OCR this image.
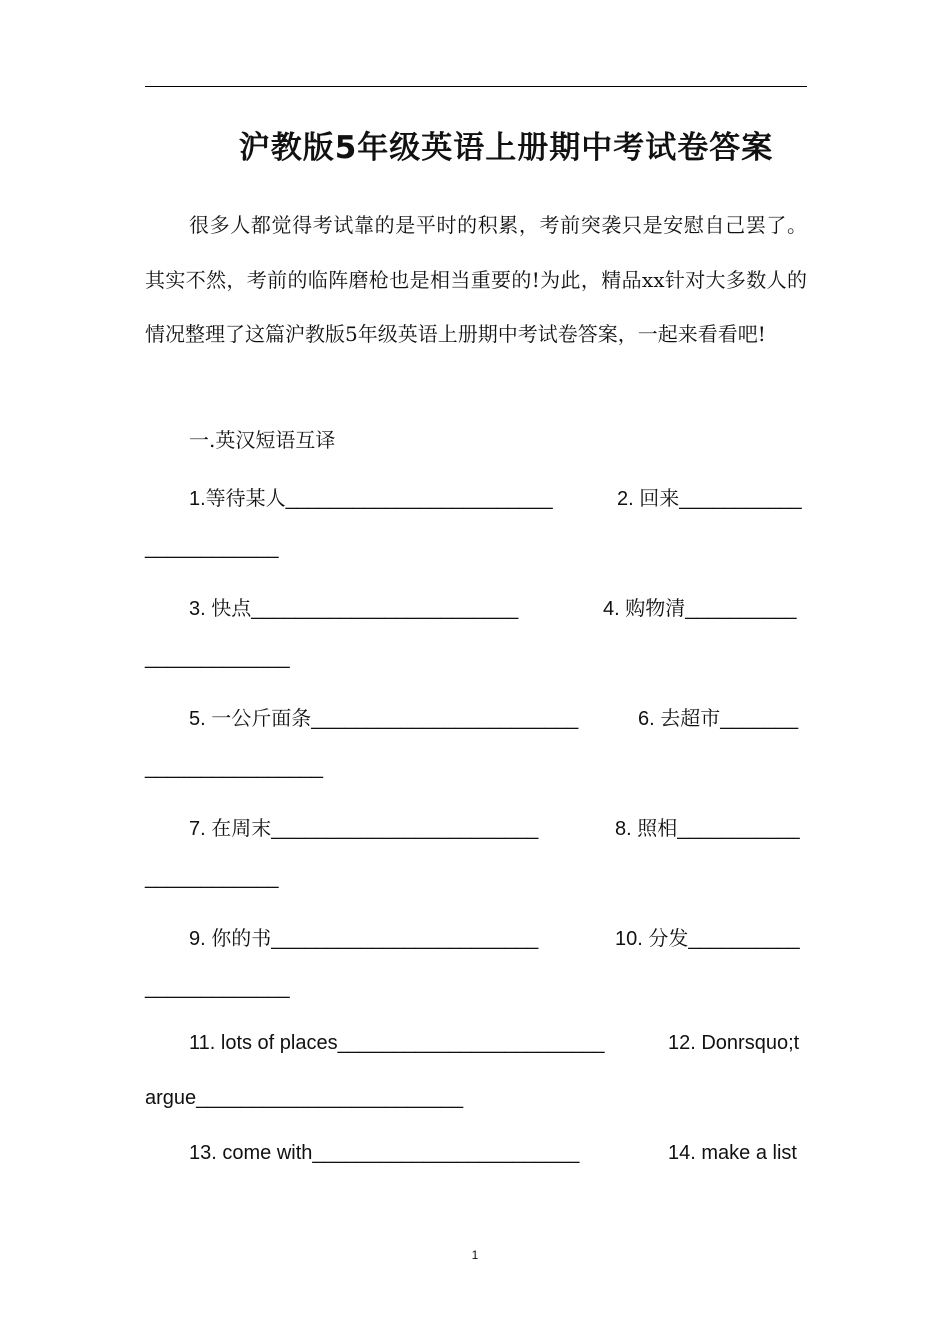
沪教版5年级英语上册期中考试卷答案

很多人都觉得考试靠的是平时的积累，考前突袭只是安慰自己罢了。其实不然，考前的临阵磨枪也是相当重要的!为此，精品xx针对大多数人的情况整理了这篇沪教版5年级英语上册期中考试卷答案，一起来看看吧!

一.英汉短语互译
1.等待某人________________________	2. 回来___________
____________
3. 快点________________________	4. 购物清__________
_____________
5. 一公斤面条________________________	6. 去超市_______
________________
7. 在周末________________________	8. 照相___________
____________
9. 你的书________________________	10. 分发__________
_____________
11. lots of places________________________	12. Donrsquo;t
argue________________________
13. come with________________________	14. make a list
1
